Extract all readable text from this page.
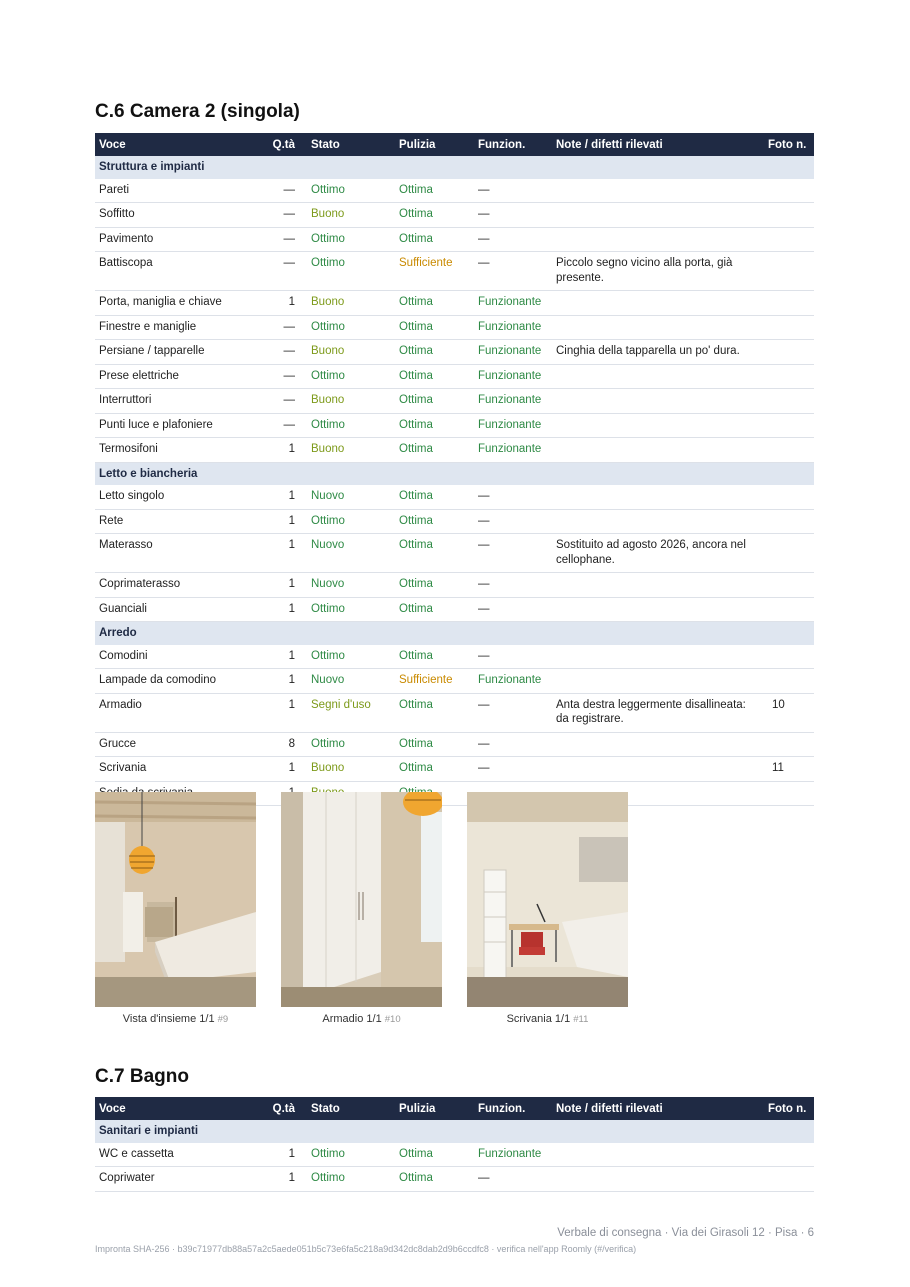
C.6 Camera 2 (singola)
Voce	Q.tà	Stato	Pulizia	Funzion.	Note / difetti rilevati	Foto n.
Struttura e impianti						
Pareti	—	Ottimo	Ottima	—		
Soffitto	—	Buono	Ottima	—		
Pavimento	—	Ottimo	Ottima	—		
Battiscopa	—	Ottimo	Sufficiente	—	Piccolo segno vicino alla porta, già presente.	
Porta, maniglia e chiave	1	Buono	Ottima	Funzionante		
Finestre e maniglie	—	Ottimo	Ottima	Funzionante		
Persiane / tapparelle	—	Buono	Ottima	Funzionante	Cinghia della tapparella un po' dura.	
Prese elettriche	—	Ottimo	Ottima	Funzionante		
Interruttori	—	Buono	Ottima	Funzionante		
Punti luce e plafoniere	—	Ottimo	Ottima	Funzionante		
Termosifoni	1	Buono	Ottima	Funzionante		
Letto e biancheria						
Letto singolo	1	Nuovo	Ottima	—		
Rete	1	Ottimo	Ottima	—		
Materasso	1	Nuovo	Ottima	—	Sostituito ad agosto 2026, ancora nel cellophane.	
Coprimaterasso	1	Nuovo	Ottima	—		
Guanciali	1	Ottimo	Ottima	—		
Arredo						
Comodini	1	Ottimo	Ottima	—		
Lampade da comodino	1	Nuovo	Sufficiente	Funzionante		
Armadio	1	Segni d'uso	Ottima	—	Anta destra leggermente disallineata: da registrare.	10
Grucce	8	Ottimo	Ottima	—		
Scrivania	1	Buono	Ottima	—		11

Vista d'insieme 1/1 #9	Armadio 1/1 #10	Scrivania 1/1 #11
C.7 Bagno
Voce	Q.tà	Stato	Pulizia	Funzion.	Note / difetti rilevati	Foto n.
Sanitari e impianti						
WC e cassetta	1	Ottimo	Ottima	Funzionante		
Copriwater	1	Ottimo	Ottima	—		
Verbale di consegna · Via dei Girasoli 12 · Pisa · 6
Impronta SHA-256 · b39c71977db88a57a2c5aede051b5c73e6fa5c218a9d342dc8dab2d9b6ccdfc8 · verifica nell'app Roomly (#/verifica)
